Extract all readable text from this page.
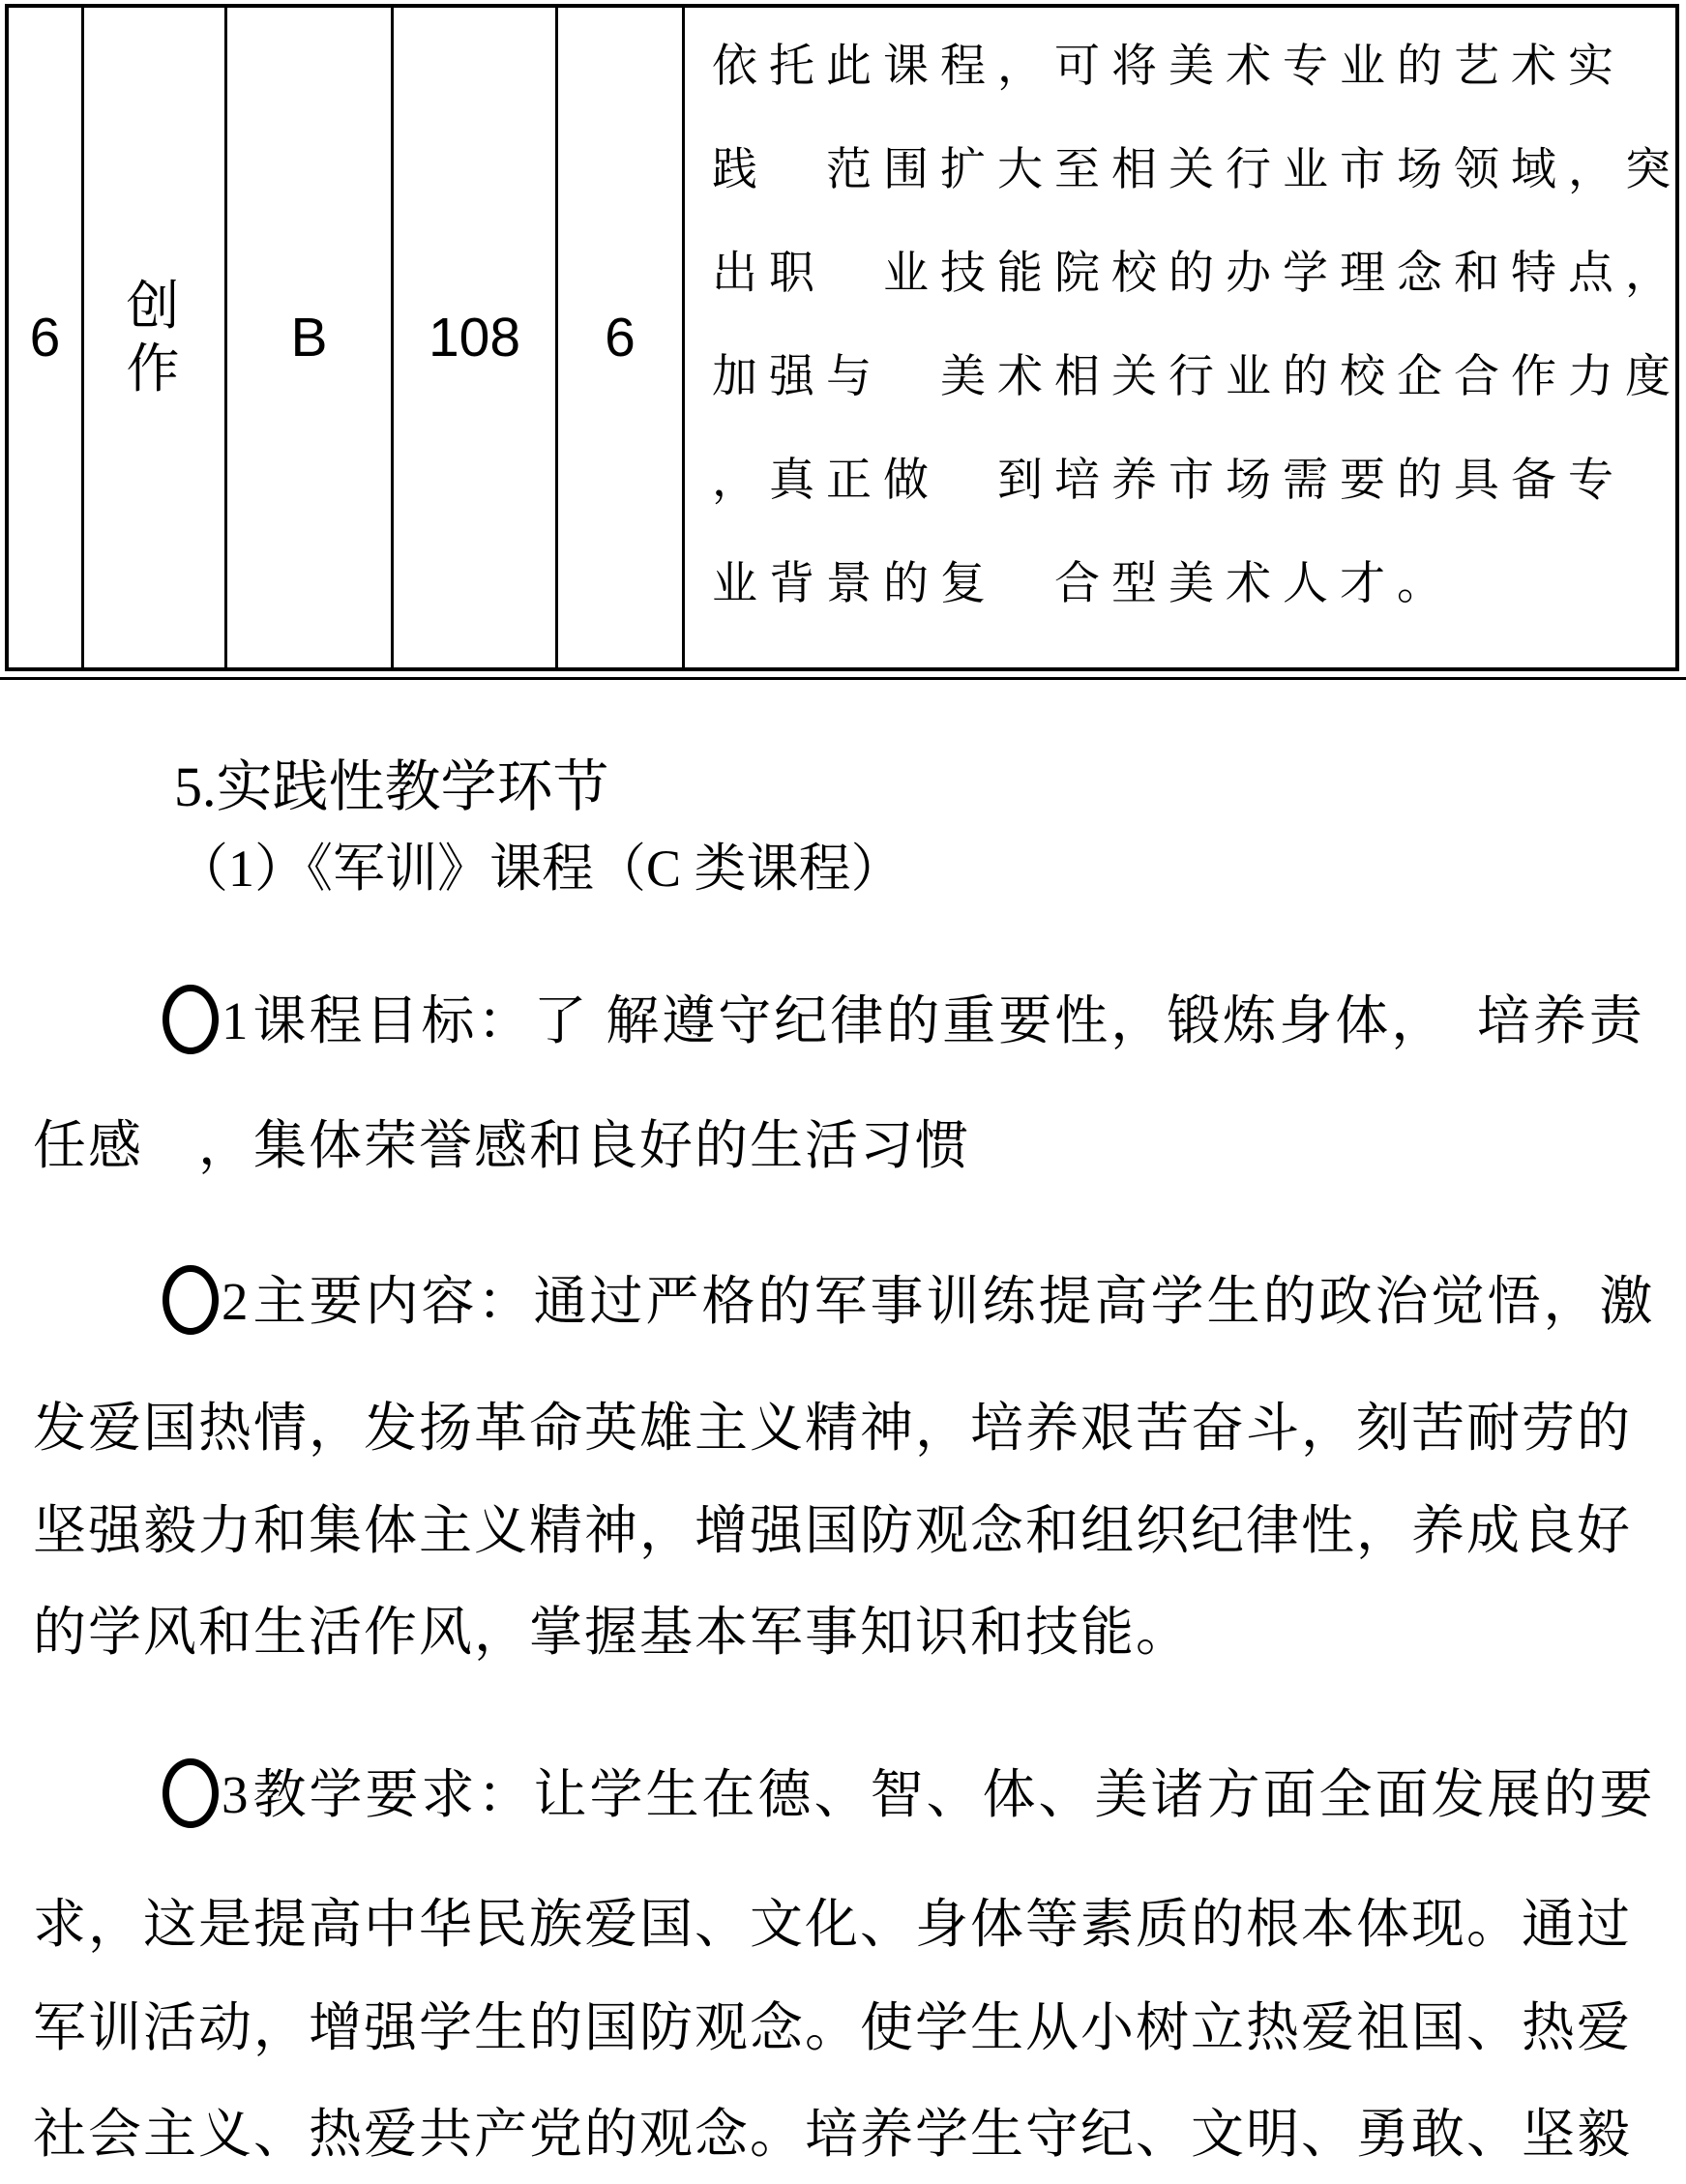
6
创作
B 108 6
依托此课程，可将美术专业的艺术实
践　范围扩大至相关行业市场领域，突
出职　业技能院校的办学理念和特点，
加强与　美术相关行业的校企合作力度
，真正做　到培养市场需要的具备专
业背景的复　合型美术人才。
5.实践性教学环节
（1）《军训》课程（C 类课程）
1课程目标：了 解遵守纪律的重要性，锻炼身体，　培养责
任感　，集体荣誉感和良好的生活习惯
2主要内容：通过严格的军事训练提高学生的政治觉悟，激
发爱国热情，发扬革命英雄主义精神，培养艰苦奋斗，刻苦耐劳的
坚强毅力和集体主义精神，增强国防观念和组织纪律性，养成良好
的学风和生活作风，掌握基本军事知识和技能。
3教学要求：让学生在德、智、体、美诸方面全面发展的要
求，这是提高中华民族爱国、文化、身体等素质的根本体现。通过
军训活动，增强学生的国防观念。使学生从小树立热爱祖国、热爱
社会主义、热爱共产党的观念。培养学生守纪、文明、勇敢、坚毅
